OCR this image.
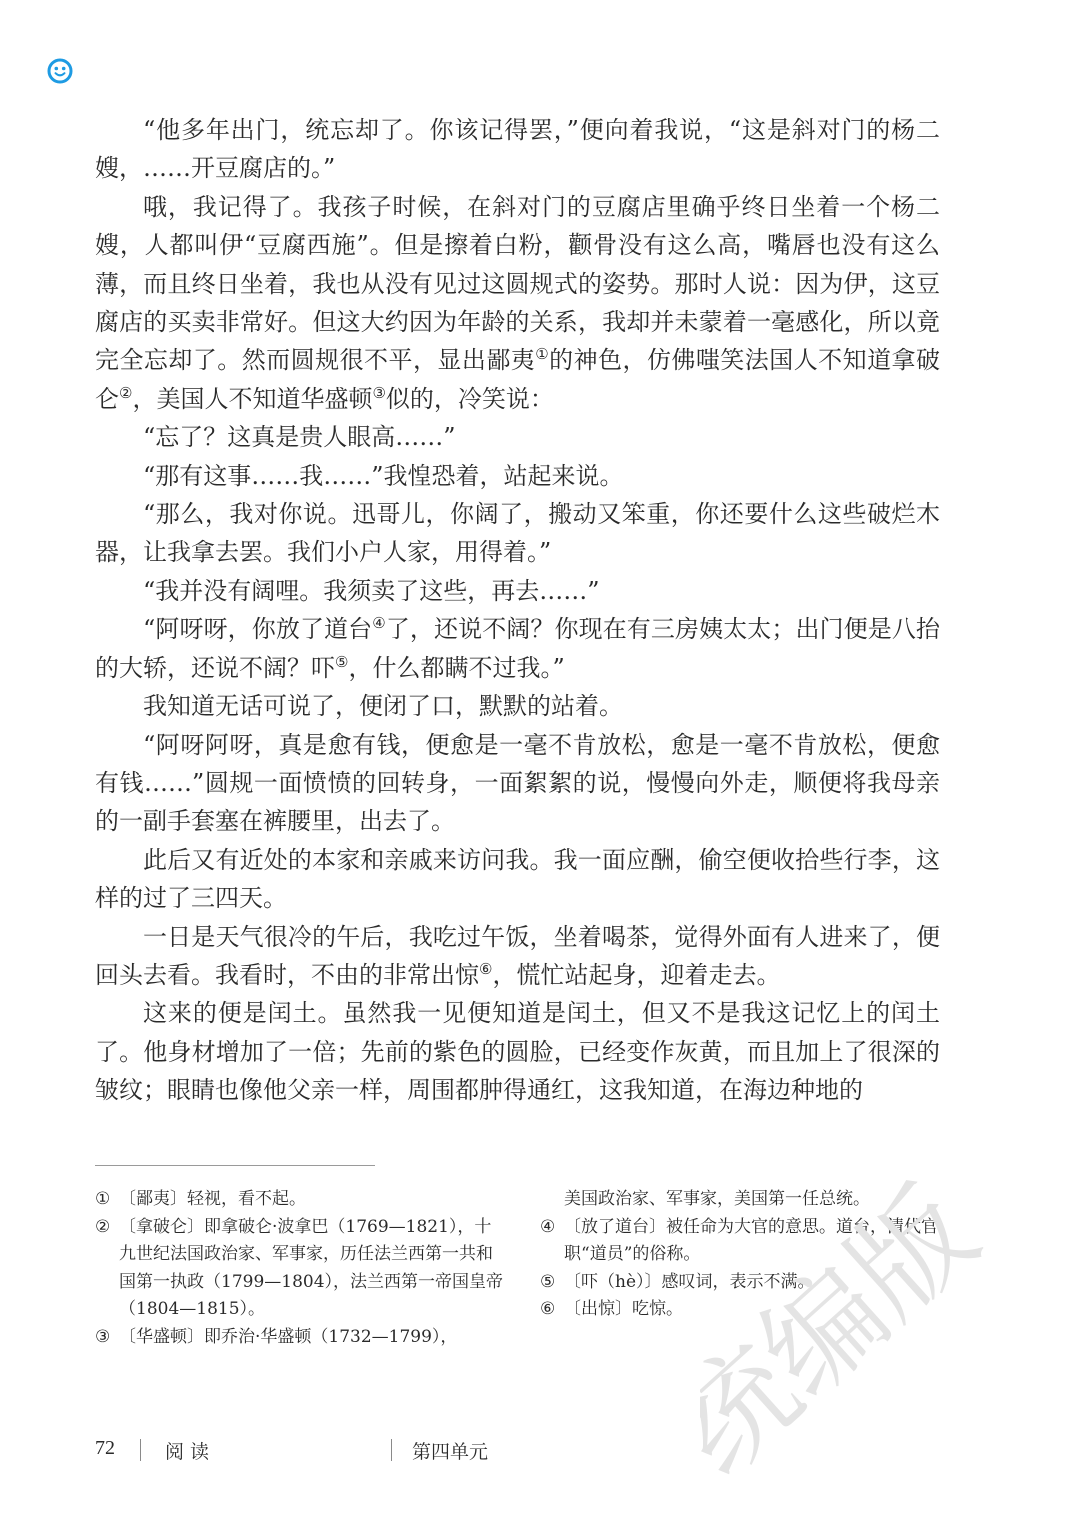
“他多年出门，统忘却了。你该记得罢，”便向着我说，“这是斜对门的杨二嫂，……开豆腐店的。”

哦，我记得了。我孩子时候，在斜对门的豆腐店里确乎终日坐着一个杨二嫂，人都叫伊“豆腐西施”。但是擦着白粉，颧骨没有这么高，嘴唇也没有这么薄，而且终日坐着，我也从没有见过这圆规式的姿势。那时人说：因为伊，这豆腐店的买卖非常好。但这大约因为年龄的关系，我却并未蒙着一毫感化，所以竟完全忘却了。然而圆规很不平，显出鄙夷①的神色，仿佛嗤笑法国人不知道拿破仑②，美国人不知道华盛顿③似的，冷笑说：

“忘了？这真是贵人眼高……”

“那有这事……我……”我惶恐着，站起来说。

“那么，我对你说。迅哥儿，你阔了，搬动又笨重，你还要什么这些破烂木器，让我拿去罢。我们小户人家，用得着。”

“我并没有阔哩。我须卖了这些，再去……”

“阿呀呀，你放了道台④了，还说不阔？你现在有三房姨太太；出门便是八抬的大轿，还说不阔？吓⑤，什么都瞒不过我。”

我知道无话可说了，便闭了口，默默的站着。

“阿呀阿呀，真是愈有钱，便愈是一毫不肯放松，愈是一毫不肯放松，便愈有钱……”圆规一面愤愤的回转身，一面絮絮的说，慢慢向外走，顺便将我母亲的一副手套塞在裤腰里，出去了。

此后又有近处的本家和亲戚来访问我。我一面应酬，偷空便收拾些行李，这样的过了三四天。

一日是天气很冷的午后，我吃过午饭，坐着喝茶，觉得外面有人进来了，便回头去看。我看时，不由的非常出惊⑥，慌忙站起身，迎着走去。

这来的便是闰土。虽然我一见便知道是闰土，但又不是我这记忆上的闰土了。他身材增加了一倍；先前的紫色的圆脸，已经变作灰黄，而且加上了很深的皱纹；眼睛也像他父亲一样，周围都肿得通红，这我知道，在海边种地的

① 〔鄙夷〕轻视，看不起。

② 〔拿破仑〕即拿破仑·波拿巴（1769—1821），十九世纪法国政治家、军事家，历任法兰西第一共和国第一执政（1799—1804），法兰西第一帝国皇帝（1804—1815）。

③ 〔华盛顿〕即乔治·华盛顿（1732—1799），

美国政治家、军事家，美国第一任总统。

④ 〔放了道台〕被任命为大官的意思。道台，清代官职“道员”的俗称。

⑤ 〔吓（hè）〕感叹词，表示不满。

⑥ 〔出惊〕吃惊。

统编版
72	阅读	第四单元
